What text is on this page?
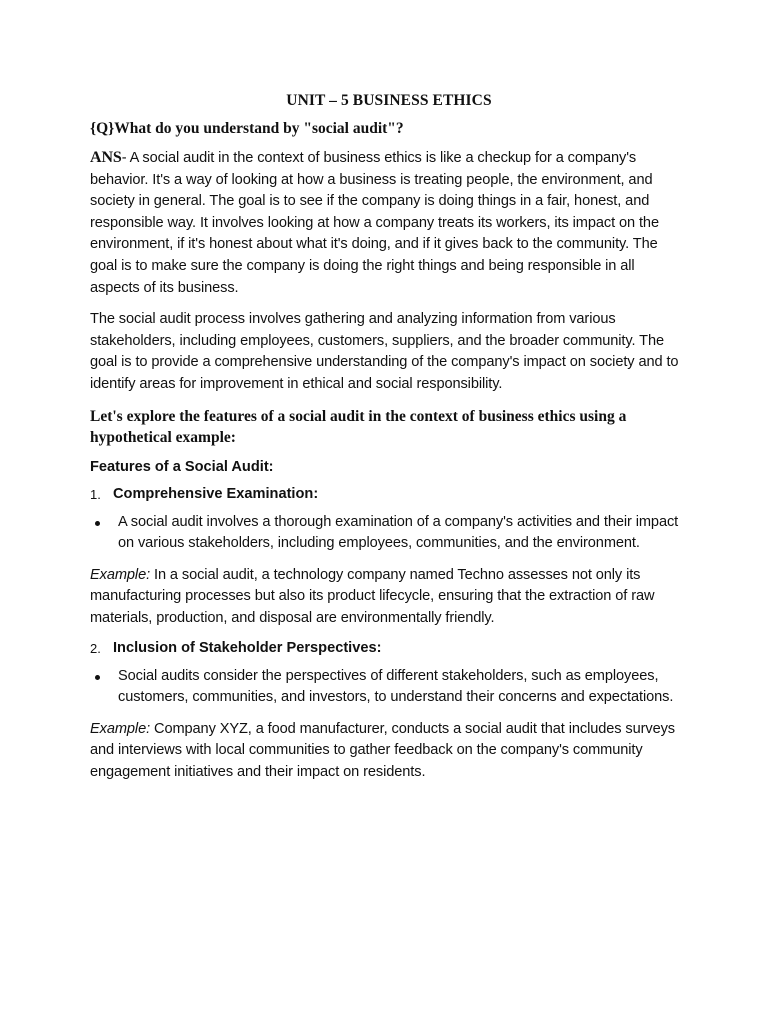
UNIT – 5 BUSINESS ETHICS
{Q}What do you understand by "social audit"?

ANS- A social audit in the context of business ethics is like a checkup for a company's behavior. It's a way of looking at how a business is treating people, the environment, and society in general. The goal is to see if the company is doing things in a fair, honest, and responsible way. It involves looking at how a company treats its workers, its impact on the environment, if it's honest about what it's doing, and if it gives back to the community. The goal is to make sure the company is doing the right things and being responsible in all aspects of its business.

The social audit process involves gathering and analyzing information from various stakeholders, including employees, customers, suppliers, and the broader community. The goal is to provide a comprehensive understanding of the company's impact on society and to identify areas for improvement in ethical and social responsibility.

Let's explore the features of a social audit in the context of business ethics using a hypothetical example:
Features of a Social Audit:
1. Comprehensive Examination:
A social audit involves a thorough examination of a company's activities and their impact on various stakeholders, including employees, communities, and the environment.

Example: In a social audit, a technology company named Techno assesses not only its manufacturing processes but also its product lifecycle, ensuring that the extraction of raw materials, production, and disposal are environmentally friendly.

2. Inclusion of Stakeholder Perspectives:
Social audits consider the perspectives of different stakeholders, such as employees, customers, communities, and investors, to understand their concerns and expectations.

Example: Company XYZ, a food manufacturer, conducts a social audit that includes surveys and interviews with local communities to gather feedback on the company's community engagement initiatives and their impact on residents.
